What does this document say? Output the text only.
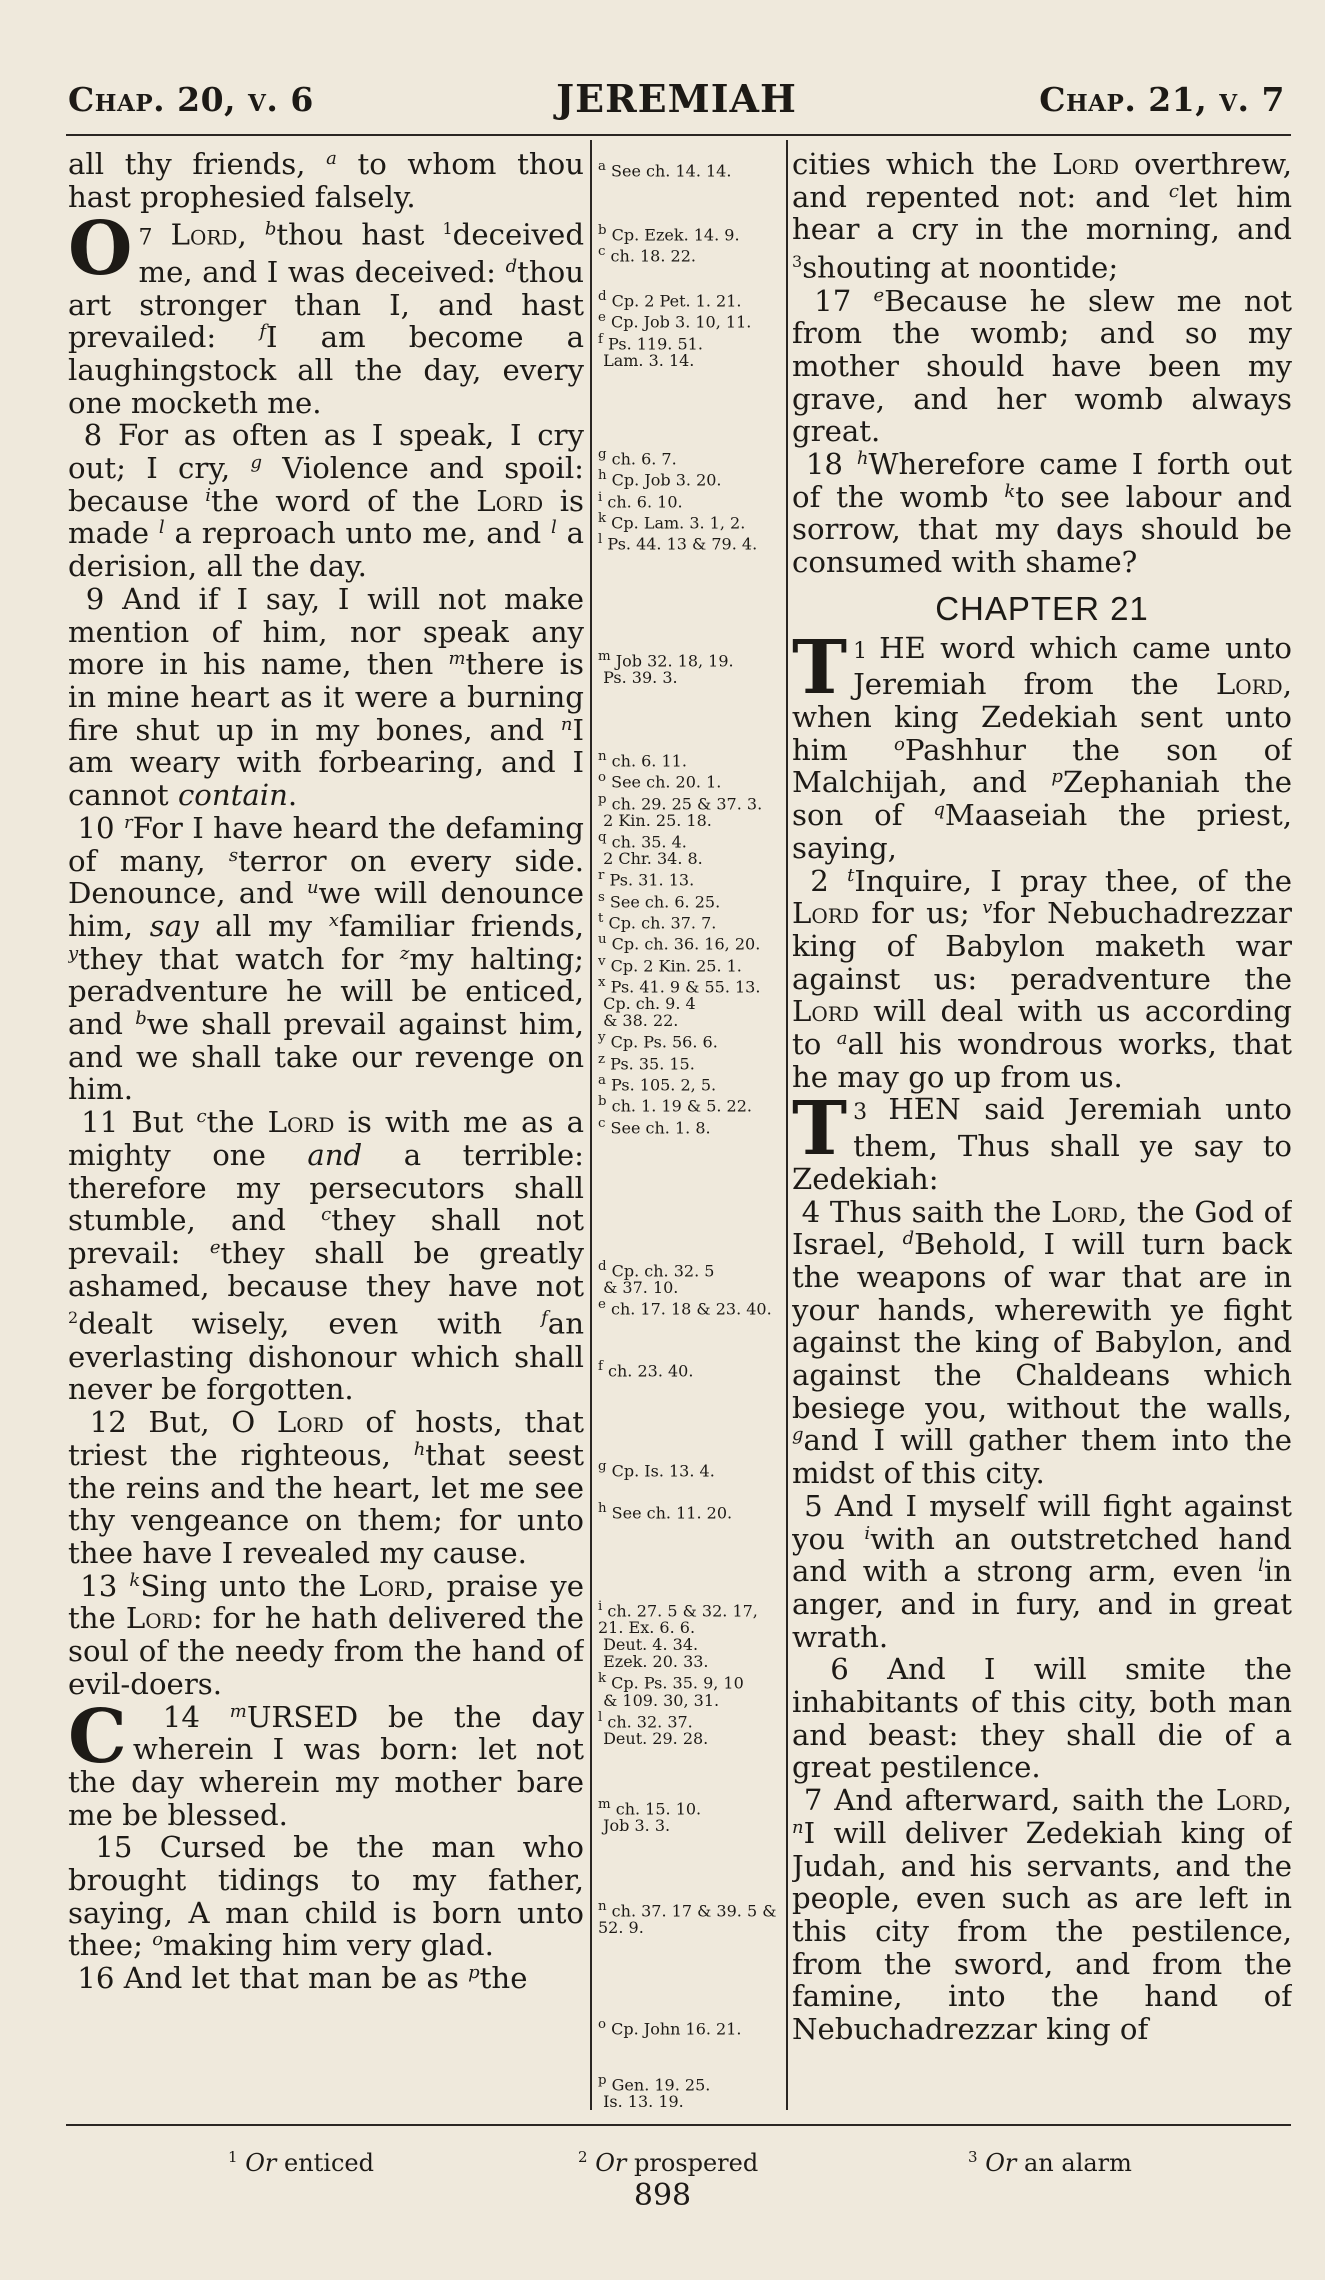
Chap. 20, v. 6	JEREMIAH	Chap. 21, v. 7

all thy friends, $^a$ to whom thou hast prophesied falsely.

7
O Lord, $^b$thou hast $^1$deceived me, and I was deceived: $^d$thou art stronger than I, and hast prevailed: $^f$I am become a laughingstock all the day, every one mocketh me.

8 For as often as I speak, I cry out; I cry, $^g$ Violence and spoil: because $^i$the word of the Lord is made $^l$ a reproach unto me, and $^l$ a derision, all the day.

9 And if I say, I will not make mention of him, nor speak any more in his name, then $^m$there is in mine heart as it were a burning fire shut up in my bones, and $^n$I am weary with forbearing, and I cannot contain.

10 $^r$For I have heard the defaming of many, $^s$terror on every side. Denounce, and $^u$we will denounce him, say all my $^x$familiar friends, $^y$they that watch for $^z$my halting; peradventure he will be enticed, and $^b$we shall prevail against him, and we shall take our revenge on him.

11 But $^c$the Lord is with me as a mighty one and a terrible: therefore my persecutors shall stumble, and $^c$they shall not prevail: $^e$they shall be greatly ashamed, because they have not $^2$dealt wisely, even with $^f$an everlasting dishonour which shall never be forgotten.

12 But, O Lord of hosts, that triest the righteous, $^h$that seest the reins and the heart, let me see thy vengeance on them; for unto thee have I revealed my cause.

13 $^k$Sing unto the Lord, praise ye the Lord: for he hath delivered the soul of the needy from the hand of evil-doers.

14 $^m$
C	URSED be the day wherein I was born: let not the day wherein my mother bare me be blessed.

15 Cursed be the man who brought tidings to my father, saying, A man child is born unto thee; $^o$making him very glad.

16 And let that man be as $^p$the

$^a$ See ch. 14. 14.
$^b$ Cp. Ezek. 14. 9.
$^c$ ch. 18. 22.
$^d$ Cp. 2 Pet. 1. 21.
$^e$ Cp. Job 3. 10, 11.
$^f$ Ps. 119. 51.
Lam. 3. 14.
$^g$ ch. 6. 7.
$^h$ Cp. Job 3. 20.
$^i$ ch. 6. 10.
$^k$ Cp. Lam. 3. 1, 2.
$^l$ Ps. 44. 13 & 79. 4.
$^m$ Job 32. 18, 19.
Ps. 39. 3.
$^n$ ch. 6. 11.
$^o$ See ch. 20. 1.
$^p$ ch. 29. 25 & 37. 3.
2 Kin. 25. 18.
$^q$ ch. 35. 4.
2 Chr. 34. 8.
$^r$ Ps. 31. 13.
$^s$ See ch. 6. 25.
$^t$ Cp. ch. 37. 7.
$^u$ Cp. ch. 36. 16, 20.
$^v$ Cp. 2 Kin. 25. 1.
$^x$ Ps. 41. 9 & 55. 13.
Cp. ch. 9. 4
& 38. 22.
$^y$ Cp. Ps. 56. 6.
$^z$ Ps. 35. 15.
$^a$ Ps. 105. 2, 5.
$^b$ ch. 1. 19 & 5. 22.
$^c$ See ch. 1. 8.
$^d$ Cp. ch. 32. 5
& 37. 10.
$^e$ ch. 17. 18 & 23. 40.
$^f$ ch. 23. 40.
$^g$ Cp. Is. 13. 4.
$^h$ See ch. 11. 20.
$^i$ ch. 27. 5 & 32. 17, 21. Ex. 6. 6.
Deut. 4. 34.
Ezek. 20. 33.
$^k$ Cp. Ps. 35. 9, 10
& 109. 30, 31.
$^l$ ch. 32. 37.
Deut. 29. 28.
$^m$ ch. 15. 10.
Job 3. 3.
$^n$ ch. 37. 17 & 39. 5 & 52. 9.
$^o$ Cp. John 16. 21.
$^p$ Gen. 19. 25.
Is. 13. 19.

cities which the Lord overthrew, and repented not: and $^c$let him hear a cry in the morning, and $^3$shouting at noontide;

17 $^e$Because he slew me not from the womb; and so my mother should have been my grave, and her womb always great.

18 $^h$Wherefore came I forth out of the womb $^k$to see labour and sorrow, that my days should be consumed with shame?

CHAPTER 21

1
T HE word which came unto Jeremiah from the Lord, when king Zedekiah sent unto him $^o$Pashhur the son of Malchijah, and $^p$Zephaniah the son of $^q$Maaseiah the priest, saying,

2 $^t$Inquire, I pray thee, of the Lord for us; $^v$for Nebuchadrezzar king of Babylon maketh war against us: peradventure the Lord will deal with us according to $^a$all his wondrous works, that he may go up from us.

3
T HEN said Jeremiah unto them, Thus shall ye say to Zedekiah:

4 Thus saith the Lord, the God of Israel, $^d$Behold, I will turn back the weapons of war that are in your hands, wherewith ye fight against the king of Babylon, and against the Chaldeans which besiege you, without the walls, $^g$and I will gather them into the midst of this city.

5 And I myself will fight against you $^i$with an outstretched hand and with a strong arm, even $^l$in anger, and in fury, and in great wrath.

6 And I will smite the inhabitants of this city, both man and beast: they shall die of a great pestilence.

7 And afterward, saith the Lord, $^n$I will deliver Zedekiah king of Judah, and his servants, and the people, even such as are left in this city from the pestilence, from the sword, and from the famine, into the hand of Nebuchadrezzar king of

$^1$ Or enticed	$^2$ Or prospered	$^3$ Or an alarm
898
